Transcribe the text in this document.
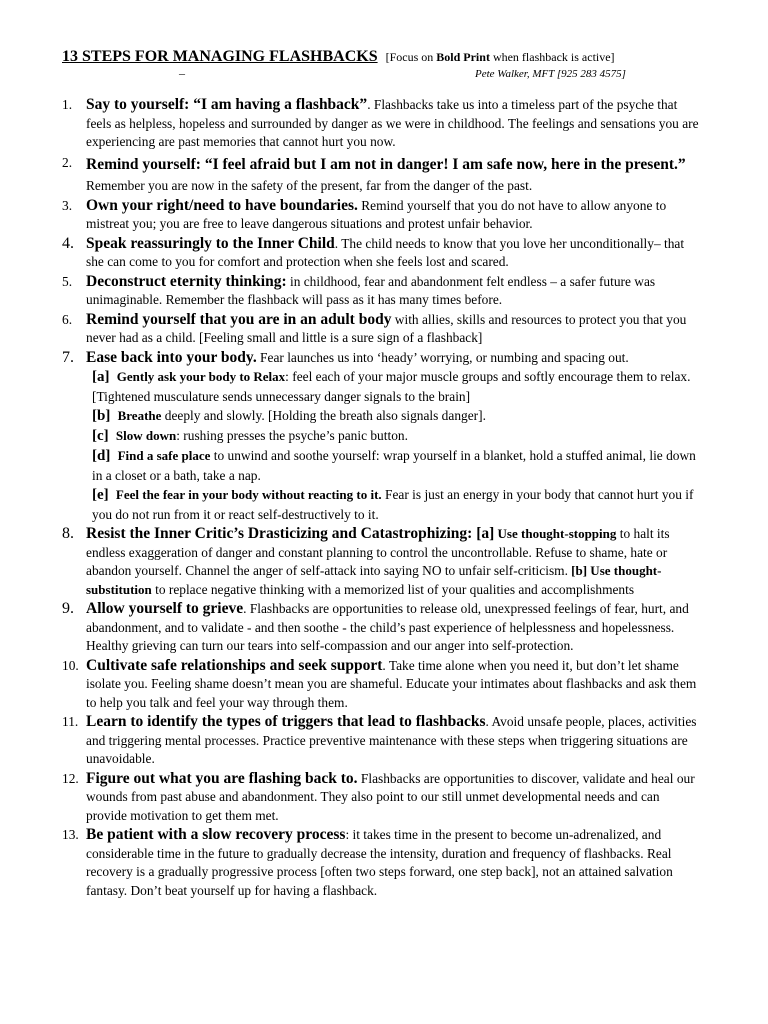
13 STEPS FOR MANAGING FLASHBACKS [Focus on Bold Print when flashback is active]
–	Pete Walker, MFT [925 283 4575]
1. Say to yourself: “I am having a flashback”. Flashbacks take us into a timeless part of the psyche that feels as helpless, hopeless and surrounded by danger as we were in childhood. The feelings and sensations you are experiencing are past memories that cannot hurt you now.
2. Remind yourself: “I feel afraid but I am not in danger! I am safe now, here in the present.” Remember you are now in the safety of the present, far from the danger of the past.
3. Own your right/need to have boundaries. Remind yourself that you do not have to allow anyone to mistreat you; you are free to leave dangerous situations and protest unfair behavior.
4. Speak reassuringly to the Inner Child. The child needs to know that you love her unconditionally– that she can come to you for comfort and protection when she feels lost and scared.
5. Deconstruct eternity thinking: in childhood, fear and abandonment felt endless – a safer future was unimaginable. Remember the flashback will pass as it has many times before.
6. Remind yourself that you are in an adult body with allies, skills and resources to protect you that you never had as a child. [Feeling small and little is a sure sign of a flashback]
7. Ease back into your body. Fear launches us into ‘heady’ worrying, or numbing and spacing out.
[a] Gently ask your body to Relax: feel each of your major muscle groups and softly encourage them to relax. [Tightened musculature sends unnecessary danger signals to the brain]
[b] Breathe deeply and slowly. [Holding the breath also signals danger].
[c] Slow down: rushing presses the psyche’s panic button.
[d] Find a safe place to unwind and soothe yourself: wrap yourself in a blanket, hold a stuffed animal, lie down in a closet or a bath, take a nap.
[e] Feel the fear in your body without reacting to it. Fear is just an energy in your body that cannot hurt you if you do not run from it or react self-destructively to it.
8. Resist the Inner Critic’s Drasticizing and Catastrophizing: [a] Use thought-stopping to halt its endless exaggeration of danger and constant planning to control the uncontrollable. Refuse to shame, hate or abandon yourself. Channel the anger of self-attack into saying NO to unfair self-criticism. [b] Use thought-substitution to replace negative thinking with a memorized list of your qualities and accomplishments
9. Allow yourself to grieve. Flashbacks are opportunities to release old, unexpressed feelings of fear, hurt, and abandonment, and to validate - and then soothe - the child’s past experience of helplessness and hopelessness. Healthy grieving can turn our tears into self-compassion and our anger into self-protection.
10. Cultivate safe relationships and seek support. Take time alone when you need it, but don’t let shame isolate you. Feeling shame doesn’t mean you are shameful. Educate your intimates about flashbacks and ask them to help you talk and feel your way through them.
11. Learn to identify the types of triggers that lead to flashbacks. Avoid unsafe people, places, activities and triggering mental processes. Practice preventive maintenance with these steps when triggering situations are unavoidable.
12. Figure out what you are flashing back to. Flashbacks are opportunities to discover, validate and heal our wounds from past abuse and abandonment. They also point to our still unmet developmental needs and can provide motivation to get them met.
13. Be patient with a slow recovery process: it takes time in the present to become un-adrenalized, and considerable time in the future to gradually decrease the intensity, duration and frequency of flashbacks. Real recovery is a gradually progressive process [often two steps forward, one step back], not an attained salvation fantasy. Don’t beat yourself up for having a flashback.
